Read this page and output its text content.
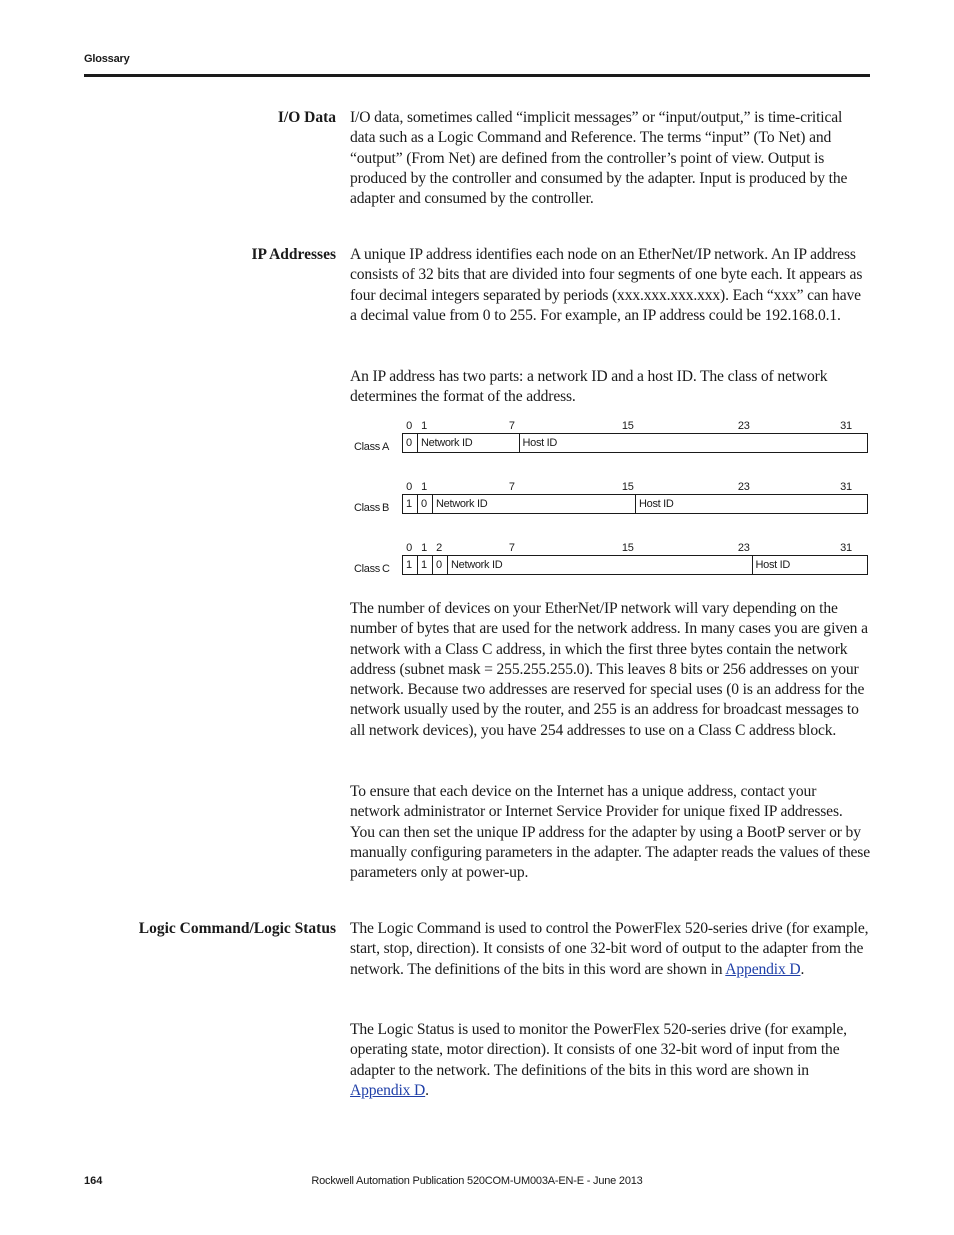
Glossary
I/O Data I/O data, sometimes called “implicit messages” or “input/output,” is time-critical data such as a Logic Command and Reference. The terms “input” (To Net) and “output” (From Net) are defined from the controller’s point of view. Output is produced by the controller and consumed by the adapter. Input is produced by the adapter and consumed by the controller.

IP Addresses A unique IP address identifies each node on an EtherNet/IP network. An IP address consists of 32 bits that are divided into four segments of one byte each. It appears as four decimal integers separated by periods (xxx.xxx.xxx.xxx). Each “xxx” can have a decimal value from 0 to 255. For example, an IP address could be 192.168.0.1.

An IP address has two parts: a network ID and a host ID. The class of network determines the format of the address.

0 1	7	15	23	31
Class A 0 Network ID	Host ID
0 1	7	15	23	31
Class B 1 0 Network ID	Host ID
0 1 2	7	15	23	31
Class C 1 1 0 Network ID	Host ID

The number of devices on your EtherNet/IP network will vary depending on the number of bytes that are used for the network address. In many cases you are given a network with a Class C address, in which the first three bytes contain the network address (subnet mask = 255.255.255.0). This leaves 8 bits or 256 addresses on your network. Because two addresses are reserved for special uses (0 is an address for the network usually used by the router, and 255 is an address for broadcast messages to all network devices), you have 254 addresses to use on a Class C address block.

To ensure that each device on the Internet has a unique address, contact your network administrator or Internet Service Provider for unique fixed IP addresses. You can then set the unique IP address for the adapter by using a BootP server or by manually configuring parameters in the adapter. The adapter reads the values of these parameters only at power-up.

Logic Command/Logic Status The Logic Command is used to control the PowerFlex 520-series drive (for example, start, stop, direction). It consists of one 32-bit word of output to the adapter from the network. The definitions of the bits in this word are shown in Appendix D.

The Logic Status is used to monitor the PowerFlex 520-series drive (for example, operating state, motor direction). It consists of one 32-bit word of input from the adapter to the network. The definitions of the bits in this word are shown in Appendix D.

164	Rockwell Automation Publication 520COM-UM003A-EN-E - June 2013
